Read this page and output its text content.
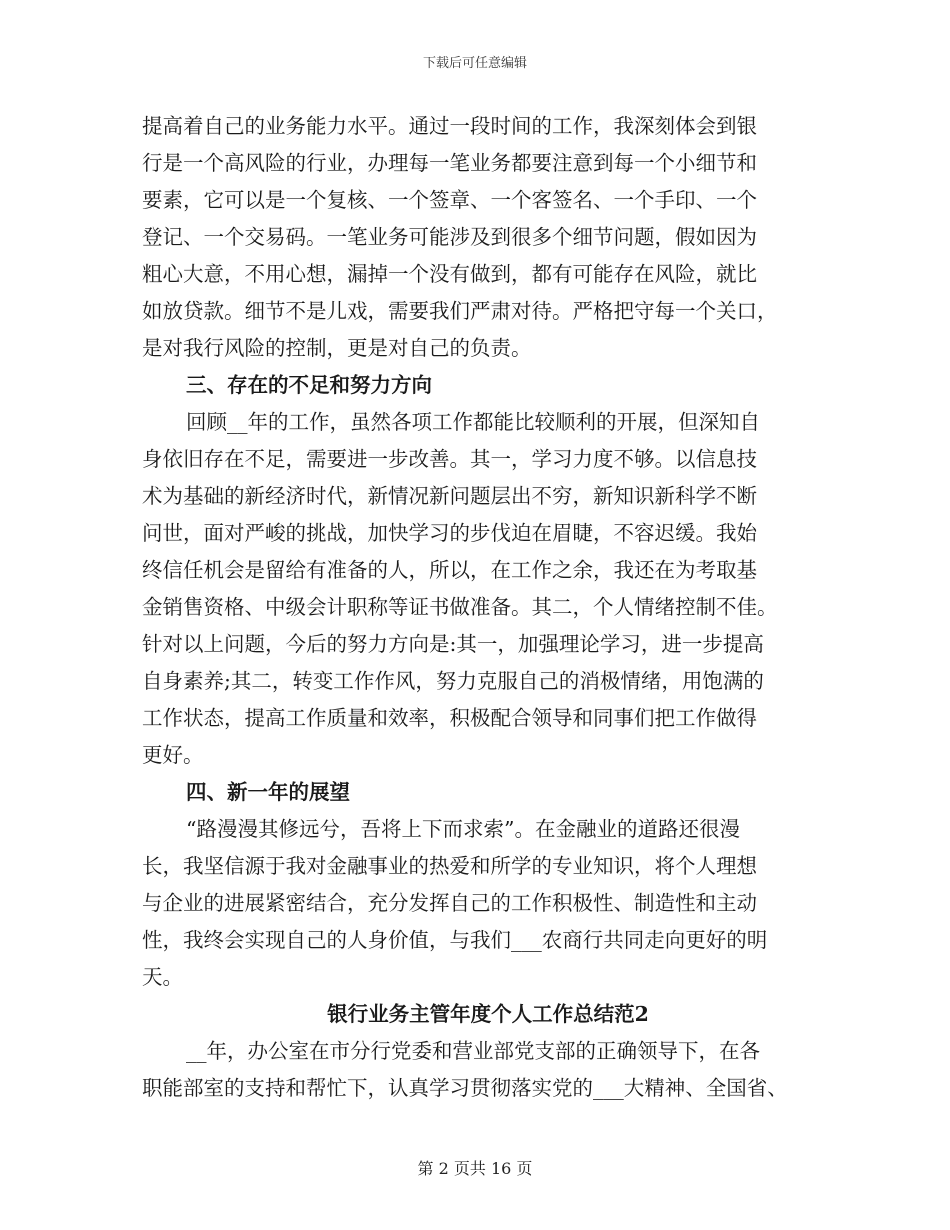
下载后可任意编辑
提高着自己的业务能力水平。通过一段时间的工作，我深刻体会到银
行是一个高风险的行业，办理每一笔业务都要注意到每一个小细节和
要素，它可以是一个复核、一个签章、一个客签名、一个手印、一个
登记、一个交易码。一笔业务可能涉及到很多个细节问题，假如因为
粗心大意，不用心想，漏掉一个没有做到，都有可能存在风险，就比
如放贷款。细节不是儿戏，需要我们严肃对待。严格把守每一个关口，
是对我行风险的控制，更是对自己的负责。
三、存在的不足和努力方向
回顾__年的工作，虽然各项工作都能比较顺利的开展，但深知自
身依旧存在不足，需要进一步改善。其一，学习力度不够。以信息技
术为基础的新经济时代，新情况新问题层出不穷，新知识新科学不断
问世，面对严峻的挑战，加快学习的步伐迫在眉睫，不容迟缓。我始
终信任机会是留给有准备的人，所以，在工作之余，我还在为考取基
金销售资格、中级会计职称等证书做准备。其二，个人情绪控制不佳。
针对以上问题，今后的努力方向是:其一，加强理论学习，进一步提高
自身素养;其二，转变工作作风，努力克服自己的消极情绪，用饱满的
工作状态，提高工作质量和效率，积极配合领导和同事们把工作做得
更好。
四、新一年的展望
“路漫漫其修远兮，吾将上下而求索”。在金融业的道路还很漫
长，我坚信源于我对金融事业的热爱和所学的专业知识，将个人理想
与企业的进展紧密结合，充分发挥自己的工作积极性、制造性和主动
性，我终会实现自己的人身价值，与我们___农商行共同走向更好的明
天。
银行业务主管年度个人工作总结范2
__年，办公室在市分行党委和营业部党支部的正确领导下，在各
职能部室的支持和帮忙下，认真学习贯彻落实党的___大精神、全国省、
第 2 页共 16 页
